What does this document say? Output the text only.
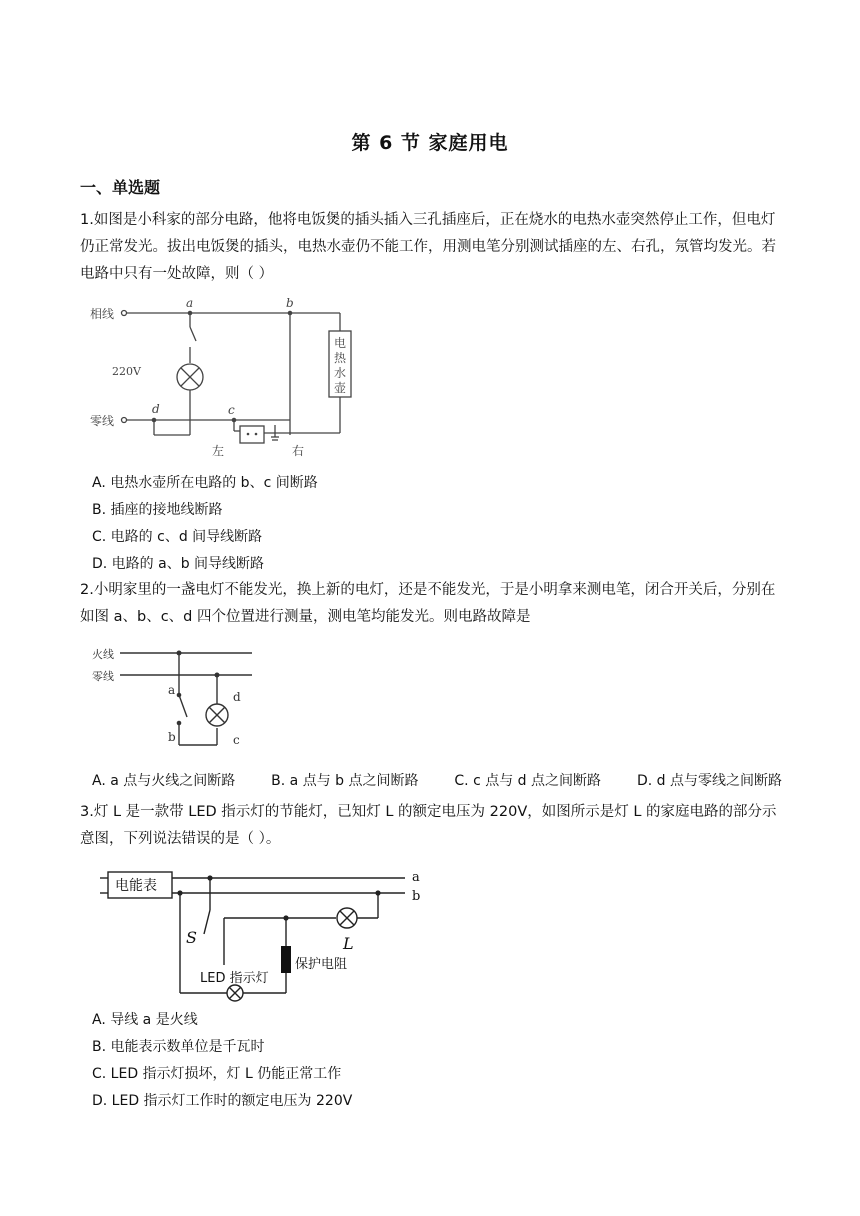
第 6 节 家庭用电
一、单选题
1.如图是小科家的部分电路，他将电饭煲的插头插入三孔插座后，正在烧水的电热水壶突然停止工作，但电灯仍正常发光。拔出电饭煲的插头，电热水壶仍不能工作，用测电笔分别测试插座的左、右孔，氖管均发光。若电路中只有一处故障，则（ ）
相线
零线
220V
a	b
c
d
左	右
电
热
水
壶
A. 电热水壶所在电路的 b、c 间断路
B. 插座的接地线断路
C. 电路的 c、d 间导线断路
D. 电路的 a、b 间导线断路
2.小明家里的一盏电灯不能发光，换上新的电灯，还是不能发光，于是小明拿来测电笔，闭合开关后，分别在如图 a、b、c、d 四个位置进行测量，测电笔均能发光。则电路故障是
火线
零线
a
b	c
d
A. a 点与火线之间断路	B. a 点与 b 点之间断路	C. c 点与 d 点之间断路	D. d 点与零线之间断路
3.灯 L 是一款带 LED 指示灯的节能灯，已知灯 L 的额定电压为 220V，如图所示是灯 L 的家庭电路的部分示意图，下列说法错误的是（ ）。
电能表
a
b
S	L
LED 指示灯
保护电阻
A. 导线 a 是火线
B. 电能表示数单位是千瓦时
C. LED 指示灯损坏，灯 L 仍能正常工作
D. LED 指示灯工作时的额定电压为 220V
